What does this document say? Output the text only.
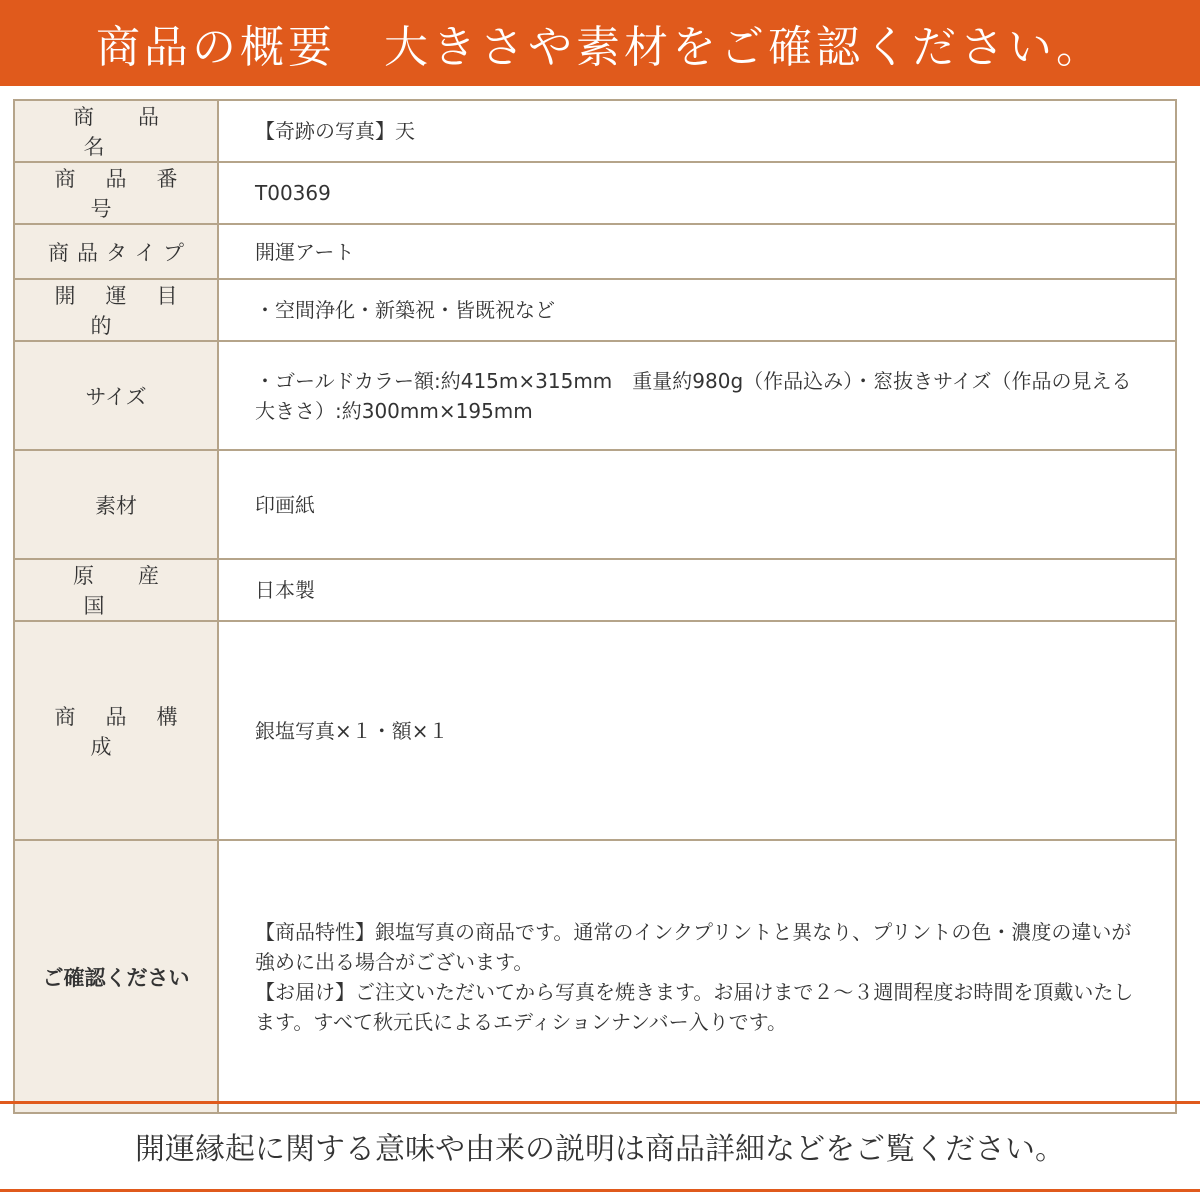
商品の概要　大きさや素材をご確認ください。
商品名	【奇跡の写真】天
商品番号	T00369
商品タイプ	開運アート
開運目的	・空間浄化・新築祝・皆既祝など
サイズ	・ゴールドカラー額:約415m×315mm　重量約980g（作品込み）・窓抜きサイズ（作品の見える大きさ）:約300mm×195mm
素材	印画紙
原産国	日本製
商品構成	銀塩写真×１・額×１
ご確認ください	【商品特性】銀塩写真の商品です。通常のインクプリントと異なり、プリントの色・濃度の違いが強めに出る場合がございます。
【お届け】ご注文いただいてから写真を焼きます。お届けまで２〜３週間程度お時間を頂戴いたします。すべて秋元氏によるエディションナンバー入りです。
開運縁起に関する意味や由来の説明は商品詳細などをご覧ください。
